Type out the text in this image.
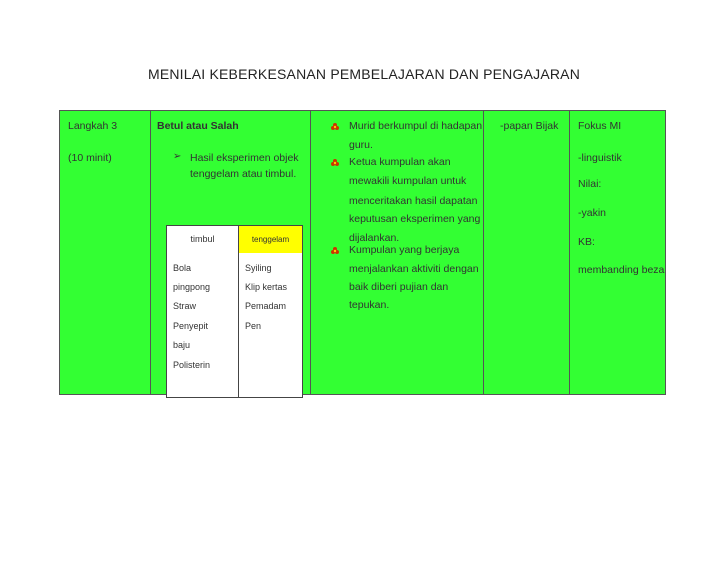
MENILAI KEBERKESANAN PEMBELAJARAN DAN PENGAJARAN
Langkah 3
(10 minit)
Betul atau Salah
➢ Hasil eksperimen objek
tenggelam atau timbul.
timbul	tenggelam
Bola
pingpong
Straw
Penyepit
baju
Polisterin
Syiling
Klip kertas
Pemadam
Pen
Murid berkumpul di hadapan
guru.
Ketua kumpulan akan
mewakili kumpulan untuk
menceritakan hasil dapatan
keputusan eksperimen yang
dijalankan.
Kumpulan yang berjaya
menjalankan aktiviti dengan
baik diberi pujian dan
tepukan.
-papan Bijak Fokus MI
-linguistik
Nilai:
-yakin
KB:
membanding beza
